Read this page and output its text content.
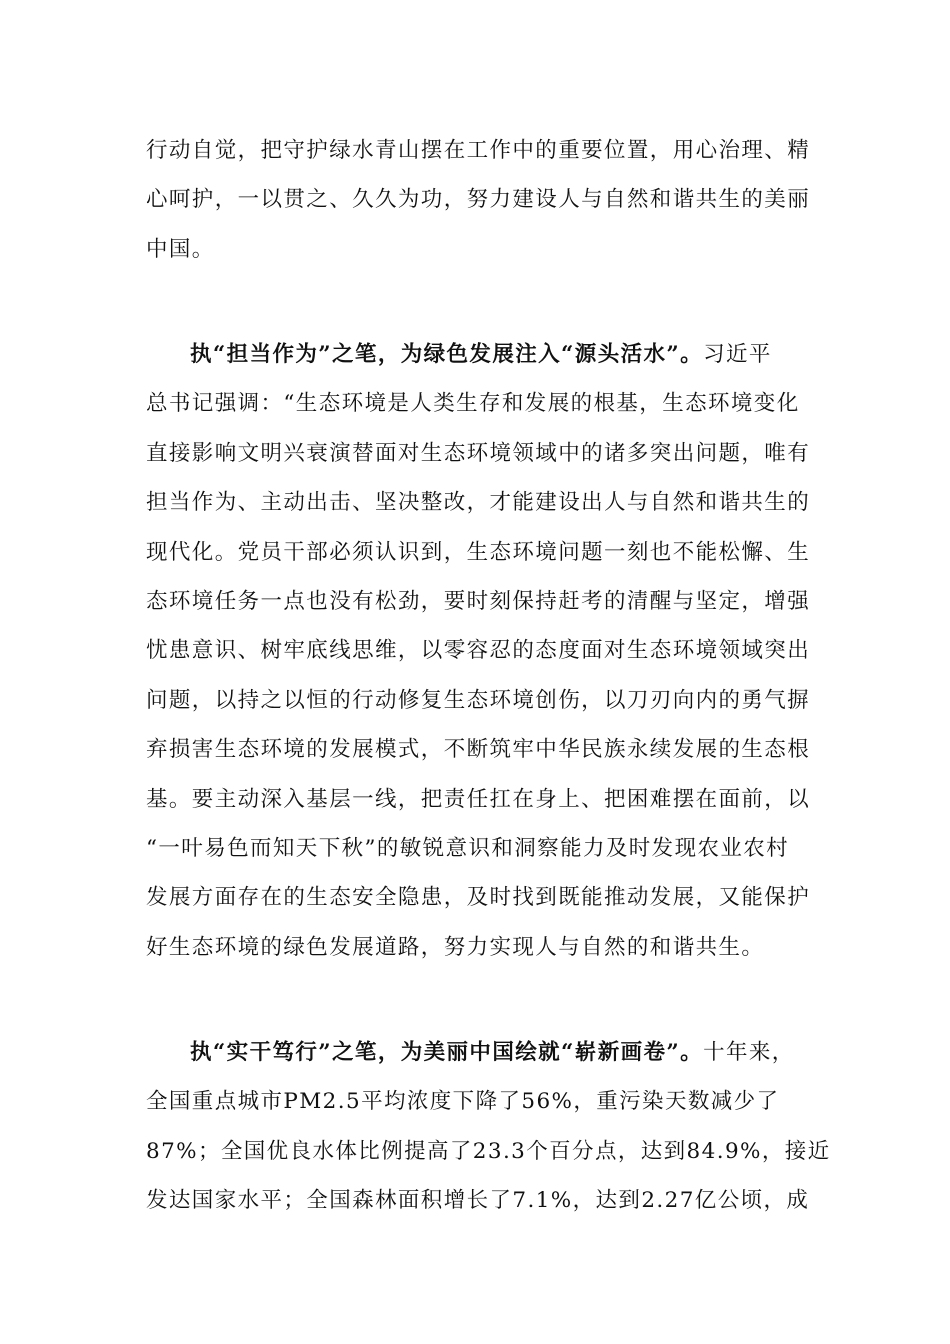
行动自觉，把守护绿水青山摆在工作中的重要位置，用心治理、精
心呵护，一以贯之、久久为功，努力建设人与自然和谐共生的美丽
中国。
执“担当作为”之笔，为绿色发展注入“源头活水”。习近平
总书记强调：“生态环境是人类生存和发展的根基，生态环境变化
直接影响文明兴衰演替面对生态环境领域中的诸多突出问题，唯有
担当作为、主动出击、坚决整改，才能建设出人与自然和谐共生的
现代化。党员干部必须认识到，生态环境问题一刻也不能松懈、生
态环境任务一点也没有松劲，要时刻保持赶考的清醒与坚定，增强
忧患意识、树牢底线思维，以零容忍的态度面对生态环境领域突出
问题，以持之以恒的行动修复生态环境创伤，以刀刃向内的勇气摒
弃损害生态环境的发展模式，不断筑牢中华民族永续发展的生态根
基。要主动深入基层一线，把责任扛在身上、把困难摆在面前，以
“一叶易色而知天下秋”的敏锐意识和洞察能力及时发现农业农村
发展方面存在的生态安全隐患，及时找到既能推动发展，又能保护
好生态环境的绿色发展道路，努力实现人与自然的和谐共生。
执“实干笃行”之笔，为美丽中国绘就“崭新画卷”。十年来，
全国重点城市PM2.5平均浓度下降了56%，重污染天数减少了
87%；全国优良水体比例提高了23.3个百分点，达到84.9%，接近
发达国家水平；全国森林面积增长了7.1%，达到2.27亿公顷，成
